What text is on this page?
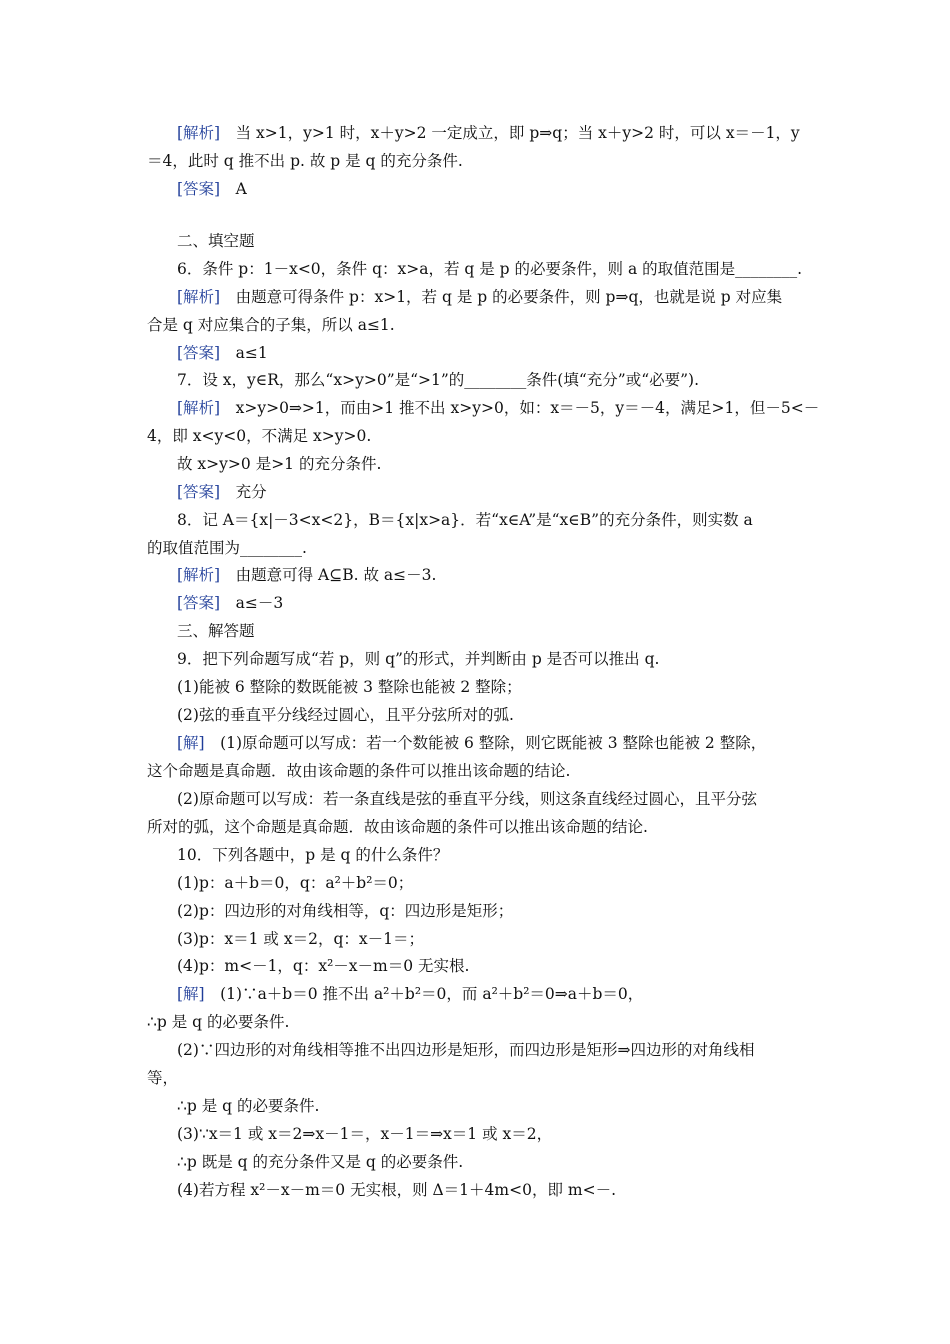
[解析]　当 x>1，y>1 时，x＋y>2 一定成立，即 p⇒q；当 x＋y>2 时，可以 x＝－1，y
＝4，此时 q 推不出 p. 故 p 是 q 的充分条件.
[答案]　A
二、填空题
6．条件 p：1－x<0，条件 q：x>a，若 q 是 p 的必要条件，则 a 的取值范围是________.
[解析]　由题意可得条件 p：x>1，若 q 是 p 的必要条件，则 p⇒q，也就是说 p 对应集
合是 q 对应集合的子集，所以 a≤1.
[答案]　a≤1
7．设 x，y∈R，那么“x>y>0”是“>1”的________条件(填“充分”或“必要”).
[解析]　x>y>0⇒>1，而由>1 推不出 x>y>0，如：x＝－5，y＝－4，满足>1，但－5<－
4，即 x<y<0，不满足 x>y>0.
故 x>y>0 是>1 的充分条件.
[答案]　充分
8．记 A＝{x|－3<x<2}，B＝{x|x>a}．若“x∈A”是“x∈B”的充分条件，则实数 a
的取值范围为________.
[解析]　由题意可得 A⊆B. 故 a≤－3.
[答案]　a≤－3
三、解答题
9．把下列命题写成“若 p，则 q”的形式，并判断由 p 是否可以推出 q.
(1)能被 6 整除的数既能被 3 整除也能被 2 整除；
(2)弦的垂直平分线经过圆心，且平分弦所对的弧.
[解]　(1)原命题可以写成：若一个数能被 6 整除，则它既能被 3 整除也能被 2 整除，
这个命题是真命题．故由该命题的条件可以推出该命题的结论.
(2)原命题可以写成：若一条直线是弦的垂直平分线，则这条直线经过圆心，且平分弦
所对的弧，这个命题是真命题．故由该命题的条件可以推出该命题的结论.
10．下列各题中，p 是 q 的什么条件？
(1)p：a＋b＝0，q：a²＋b²＝0；
(2)p：四边形的对角线相等，q：四边形是矩形；
(3)p：x＝1 或 x＝2，q：x－1＝；
(4)p：m<－1，q：x²－x－m＝0 无实根.
[解]　(1)∵a＋b＝0 推不出 a²＋b²＝0，而 a²＋b²＝0⇒a＋b＝0，
∴p 是 q 的必要条件.
(2)∵四边形的对角线相等推不出四边形是矩形，而四边形是矩形⇒四边形的对角线相
等，
∴p 是 q 的必要条件.
(3)∵x＝1 或 x＝2⇒x－1＝，x－1＝⇒x＝1 或 x＝2，
∴p 既是 q 的充分条件又是 q 的必要条件.
(4)若方程 x²－x－m＝0 无实根，则 Δ＝1＋4m<0，即 m<－.
